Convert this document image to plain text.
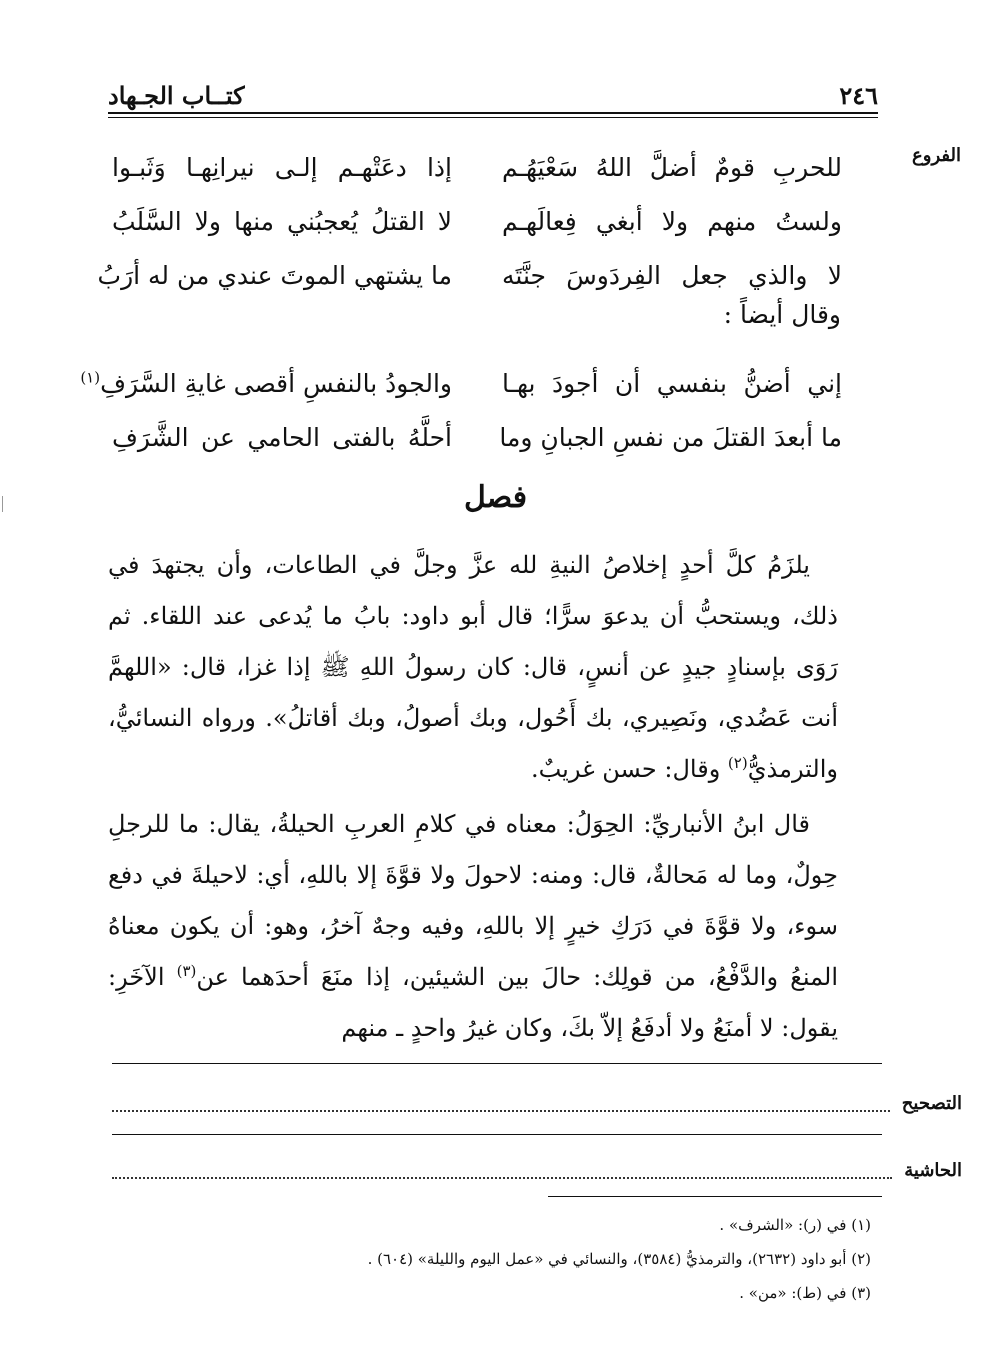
٢٤٦
كتــاب الجـهاد
الفروع
للحربِ قومٌ أضلَّ اللهُ سَعْيَهُـم
إذا دعَتْهـم إلـى نيرانِهـا وَثَبـوا
ولستُ منهم ولا أبغي فِعالَهـم
لا القتلُ يُعجبُني منها ولا السَّلَبُ
لا والذي جعل الفِردَوسَ جنَّتَه
ما يشتهي الموتَ عندي من له أرَبُ
وقال أيضاً :
إني أضنُّ بنفسي أن أجودَ بهـا
والجودُ بالنفسِ أقصى غايةِ السَّرَفِ$^{(١)}$
ما أبعدَ القتلَ من نفسِ الجبانِ وما
أحلَّهُ بالفتى الحامي عن الشَّرَفِ
فصل

يلزَمُ كلَّ أحدٍ إخلاصُ النيةِ لله عزَّ وجلَّ في الطاعات، وأن يجتهدَ في ذلك، ويستحبُّ أن يدعوَ سرًّا؛ قال أبو داود: بابُ ما يُدعى عند اللقاء. ثم رَوَى بإسنادٍ جيدٍ عن أنسٍ، قال: كان رسولُ اللهِ ﷺ إذا غزا، قال: «اللهمَّ أنت عَضُدي، ونَصِيري، بك أَحُول، وبك أصولُ، وبك أقاتلُ». ورواه النسائيُّ، والترمذيُّ$^{(٢)}$ وقال: حسن غريبٌ.

قال ابنُ الأنباريِّ: الحِوَلُ: معناه في كلامِ العربِ الحيلةُ، يقال: ما للرجلِ حِولٌ، وما له مَحالةٌ، قال: ومنه: لاحولَ ولا قوَّةَ إلا باللهِ، أي: لاحيلةَ في دفع سوء، ولا قوَّةَ في دَرَكِ خيرٍ إلا باللهِ، وفيه وجهٌ آخرُ، وهو: أن يكون معناهُ المنعُ والدَّفْعُ، من قولِك: حالَ بين الشيئين، إذا منَعَ أحدَهما عن$^{(٣)}$ الآخَرِ: يقول: لا أمنَعُ ولا أدفَعُ إلاّ بكَ، وكان غيرُ واحدٍ ـ منهم

التصحيح
الحاشية
(١) في (ر): «الشرف» .
(٢) أبو داود (٢٦٣٢)، والترمذيُّ (٣٥٨٤)، والنسائي في «عمل اليوم والليلة» (٦٠٤) .
(٣) في (ط): «من» .
